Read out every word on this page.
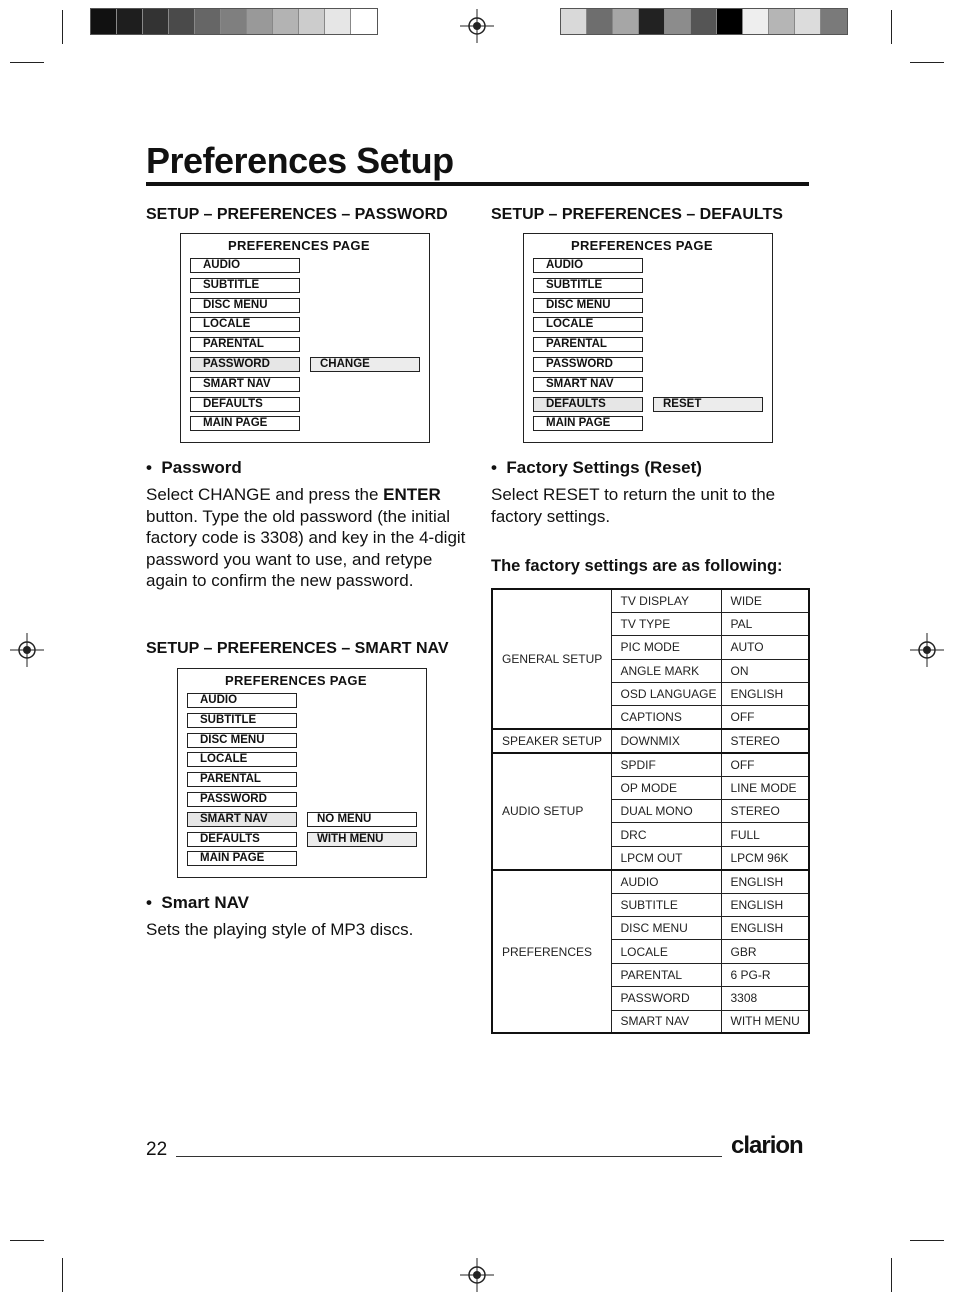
Preferences Setup
SETUP – PREFERENCES – PASSWORD
PREFERENCES PAGE
AUDIO
SUBTITLE
DISC MENU
LOCALE
PARENTAL
PASSWORD
SMART NAV
DEFAULTS
MAIN PAGE
CHANGE
•  Password
Select CHANGE and press the ENTER button. Type the old password (the initial factory code is 3308) and key in the 4-digit password you want to use, and retype again to confirm the new password.
SETUP – PREFERENCES – SMART NAV
PREFERENCES PAGE
AUDIO
SUBTITLE
DISC MENU
LOCALE
PARENTAL
PASSWORD
SMART NAV
DEFAULTS
MAIN PAGE
NO MENU
WITH MENU
•  Smart NAV
Sets the playing style of MP3 discs.
SETUP – PREFERENCES – DEFAULTS
PREFERENCES PAGE
AUDIO
SUBTITLE
DISC MENU
LOCALE
PARENTAL
PASSWORD
SMART NAV
DEFAULTS
MAIN PAGE
RESET
•  Factory Settings (Reset)
Select RESET to return the unit to the factory settings.
The factory settings are as following:
GENERAL SETUP	TV DISPLAY	WIDE
	TV TYPE	PAL
	PIC MODE	AUTO
	ANGLE MARK	ON
	OSD LANGUAGE	ENGLISH
	CAPTIONS	OFF
SPEAKER SETUP	DOWNMIX	STEREO
AUDIO SETUP	SPDIF	OFF
	OP MODE	LINE MODE
	DUAL MONO	STEREO
	DRC	FULL
	LPCM OUT	LPCM 96K
PREFERENCES	AUDIO	ENGLISH
	SUBTITLE	ENGLISH
	DISC MENU	ENGLISH
	LOCALE	GBR
	PARENTAL	6 PG-R
	PASSWORD	3308
	SMART NAV	WITH MENU
22	clarion
